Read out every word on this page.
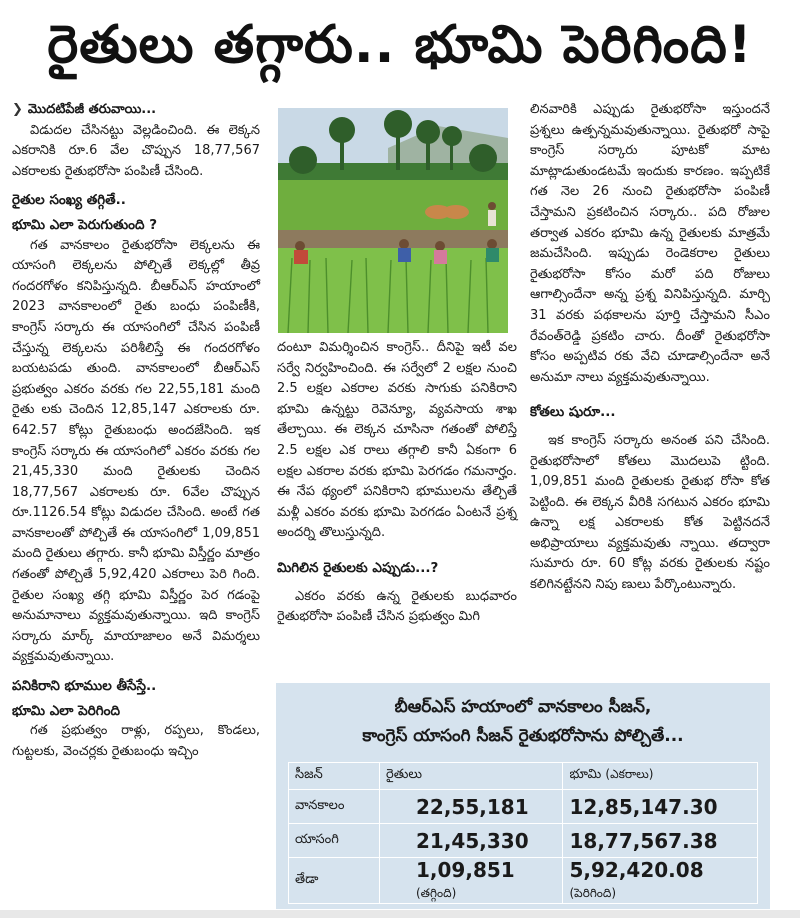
రైతులు తగ్గారు.. భూమి పెరిగింది!

❯ మొదటిపేజీ తరువాయి...

విడుదల చేసినట్టు వెల్లడించింది. ఈ లెక్కన ఎకరానికి రూ.6 వేల చొప్పున 18,77,567 ఎకరాలకు రైతుభరోసా పంపిణీ చేసింది.

రైతుల సంఖ్య తగ్గితే..

భూమి ఎలా పెరుగుతుంది ?

గత వానకాలం రైతుభరోసా లెక్కలను ఈ యాసంగి లెక్కలను పోల్చితే లెక్కల్లో తీవ్ర గందరగోళం కనిపిస్తున్నది. బీఆర్ఎస్ హయాంలో 2023 వానకాలంలో రైతు బంధు పంపిణీకి, కాంగ్రెస్ సర్కారు ఈ యాసంగిలో చేసిన పంపిణీ చేస్తున్న లెక్కలను పరిశీలిస్తే ఈ గందరగోళం బయటపడు తుంది. వానకాలంలో బీఆర్ఎస్ ప్రభుత్వం ఎకరం వరకు గల 22,55,181 మంది రైతు లకు చెందిన 12,85,147 ఎకరాలకు రూ. 642.57 కోట్లు రైతుబంధు అందజేసింది. ఇక కాంగ్రెస్ సర్కారు ఈ యాసంగిలో ఎకరం వరకు గల 21,45,330 మంది రైతులకు చెందిన 18,77,567 ఎకరాలకు రూ. 6వేల చొప్పున రూ.1126.54 కోట్లు విడుదల చేసింది. అంటే గత వానకాలంతో పోల్చితే ఈ యాసంగిలో 1,09,851 మంది రైతులు తగ్గారు. కానీ భూమి విస్తీర్ణం మాత్రం గతంతో పోల్చితే 5,92,420 ఎకరాలు పెరి గింది. రైతుల సంఖ్య తగ్గి భూమి విస్తీర్ణం పెర గడంపై అనుమానాలు వ్యక్తమవుతున్నాయి. ఇది కాంగ్రెస్ సర్కారు మార్క్ మాయాజాలం అనే విమర్శలు వ్యక్తమవుతున్నాయి.

పనికిరాని భూముల తీసేస్తే..

భూమి ఎలా పెరిగింది

గత ప్రభుత్వం రాళ్లు, రప్పలు, కొండలు, గుట్టలకు, వెంచర్లకు రైతుబంధు ఇచ్చిం

దంటూ విమర్శించిన కాంగ్రెస్.. దీనిపై ఇటీ వల సర్వే నిర్వహించింది. ఈ సర్వేలో 2 లక్షల నుంచి 2.5 లక్షల ఎకరాల వరకు సాగుకు పనికిరాని భూమి ఉన్నట్టు రెవెన్యూ, వ్యవసాయ శాఖ తేల్చాయి. ఈ లెక్కన చూసినా గతంతో పోలిస్తే 2.5 లక్షల ఎక రాలు తగ్గాలి కానీ ఏకంగా 6 లక్షల ఎకరాల వరకు భూమి పెరగడం గమనార్హం. ఈ నేప థ్యంలో పనికిరాని భూములను తేల్చితే మళ్లీ ఎకరం వరకు భూమి పెరగడం ఏంటనే ప్రశ్న అందర్ని తొలుస్తున్నది.

మిగిలిన రైతులకు ఎప్పుడు...?

ఎకరం వరకు ఉన్న రైతులకు బుధవారం రైతుభరోసా పంపిణీ చేసిన ప్రభుత్వం మిగి

లినవారికి ఎప్పుడు రైతుభరోసా ఇస్తుందనే ప్రశ్నలు ఉత్పన్నమవుతున్నాయి. రైతుభరో సాపై కాంగ్రెస్ సర్కారు పూటకో మాట మాట్లాడుతుండటమే ఇందుకు కారణం. ఇప్పటికే గత నెల 26 నుంచి రైతుభరోసా పంపిణీ చేస్తామని ప్రకటించిన సర్కారు.. పది రోజుల తర్వాత ఎకరం భూమి ఉన్న రైతులకు మాత్రమే జమచేసింది. ఇప్పుడు రెండెకరాల రైతులు రైతుభరోసా కోసం మరో పది రోజులు ఆగాల్సిందేనా అన్న ప్రశ్న వినిపిస్తున్నది. మార్చి 31 వరకు పథకాలను పూర్తి చేస్తామని సీఎం రేవంత్‌రెడ్డి ప్రకటిం చారు. దీంతో రైతుభరోసా కోసం అప్పటివ రకు వేచి చూడాల్సిందేనా అనే అనుమా నాలు వ్యక్తమవుతున్నాయి.

కోతలు షురూ...

ఇక కాంగ్రెస్ సర్కారు అనంత పని చేసింది. రైతుభరోసాలో కోతలు మొదలుపె ట్టింది. 1,09,851 మంది రైతులకు రైతుభ రోసా కోత పెట్టింది. ఈ లెక్కన వీరికి సగటున ఎకరం భూమి ఉన్నా లక్ష ఎకరాలకు కోత పెట్టినదనే అభిప్రాయాలు వ్యక్తమవుతు న్నాయి. తద్వారా సుమారు రూ. 60 కోట్ల వరకు రైతులకు నష్టం కలిగినట్టేనని నిపు ణులు పేర్కొంటున్నారు.

బీఆర్ఎస్ హయాంలో వానకాలం సీజన్,
కాంగ్రెస్ యాసంగి సీజన్ రైతుభరోసాను పోల్చితే...
సీజన్	రైతులు	భూమి (ఎకరాలు)
వానకాలం	22,55,181	12,85,147.30
యాసంగి	21,45,330	18,77,567.38
తేడా	1,09,851 (తగ్గింది)	5,92,420.08 (పెరిగింది)
